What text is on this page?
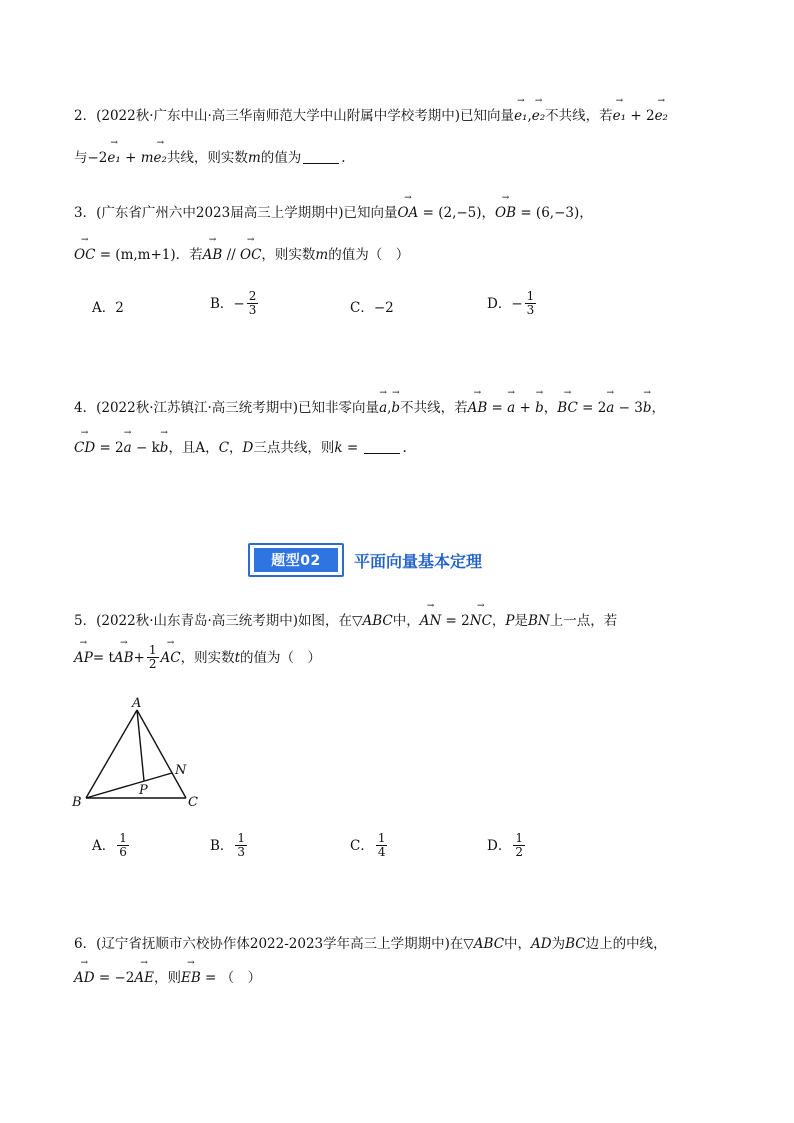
2．(2022秋·广东中山·高三华南师范大学中山附属中学校考期中)已知向量→ e₁,→ e₂不共线，若→ e₁ + 2→ e₂
与−2→ e₁ + m→ e₂共线，则实数m的值为	.
3．(广东省广州六中2023届高三上学期期中)已知向量→ OA = (2,−5)，→ OB = (6,−3)，
→ OC = (m,m+1)．若→ AB // → OC，则实数m的值为（　）
A．2	B．− $\frac{2}{3}$	C．−2	D．− $\frac{1}{3}$
4．(2022秋·江苏镇江·高三统考期中)已知非零向量→ a,→ b不共线，若→ AB = → a + → b，→ BC = 2→ a − 3→ b，
→ CD = 2→ a − k→ b，且A，C，D三点共线，则k =	.
题型02	平面向量基本定理
5．(2022秋·山东青岛·高三统考期中)如图，在▽ABC中，→ AN = 2→ NC，P是BN上一点，若
→ AP = t → AB + $\frac{1}{2}$ → AC ，则实数 t 的值为（　）
A
B	C
N
P
A． $\frac{1}{6}$	B． $\frac{1}{3}$	C． $\frac{1}{4}$	D． $\frac{1}{2}$
6．(辽宁省抚顺市六校协作体2022-2023学年高三上学期期中)在▽ABC中，AD为BC边上的中线，
→ AD = −2→ AE，则→ EB = （　）
